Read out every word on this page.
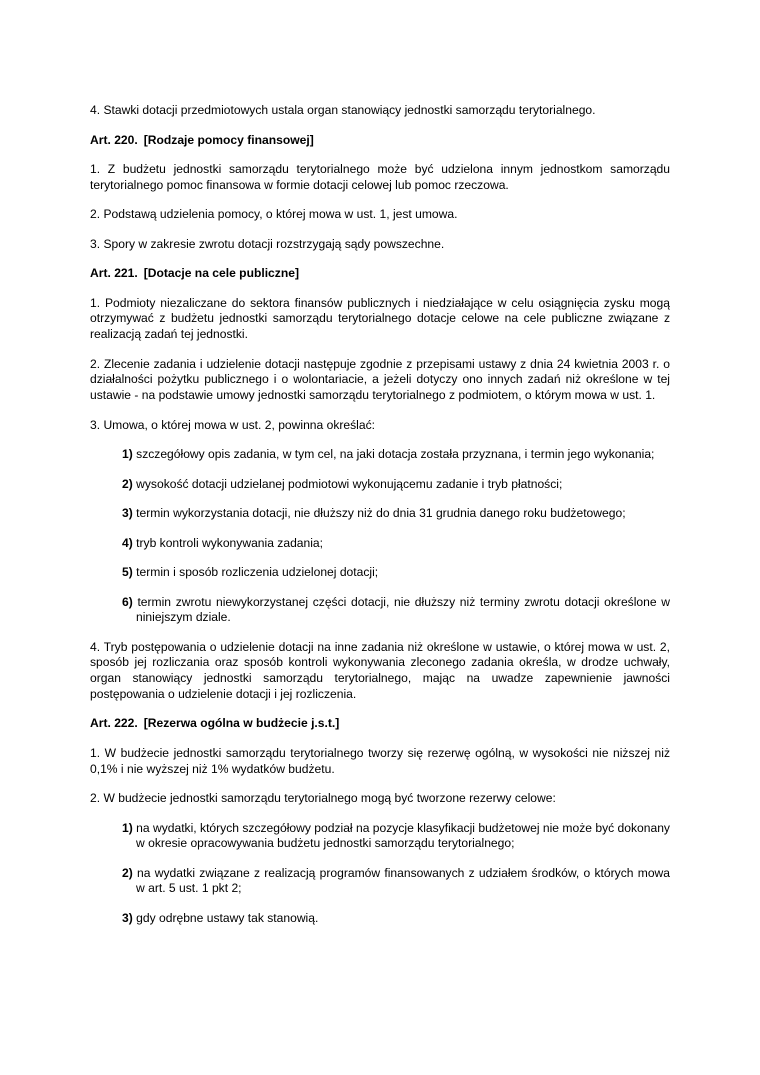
4. Stawki dotacji przedmiotowych ustala organ stanowiący jednostki samorządu terytorialnego.

Art. 220. [Rodzaje pomocy finansowej]

1. Z budżetu jednostki samorządu terytorialnego może być udzielona innym jednostkom samorządu terytorialnego pomoc finansowa w formie dotacji celowej lub pomoc rzeczowa.

2. Podstawą udzielenia pomocy, o której mowa w ust. 1, jest umowa.

3. Spory w zakresie zwrotu dotacji rozstrzygają sądy powszechne.

Art. 221. [Dotacje na cele publiczne]

1. Podmioty niezaliczane do sektora finansów publicznych i niedziałające w celu osiągnięcia zysku mogą otrzymywać z budżetu jednostki samorządu terytorialnego dotacje celowe na cele publiczne związane z realizacją zadań tej jednostki.

2. Zlecenie zadania i udzielenie dotacji następuje zgodnie z przepisami ustawy z dnia 24 kwietnia 2003 r. o działalności pożytku publicznego i o wolontariacie, a jeżeli dotyczy ono innych zadań niż określone w tej ustawie - na podstawie umowy jednostki samorządu terytorialnego z podmiotem, o którym mowa w ust. 1.

3. Umowa, o której mowa w ust. 2, powinna określać:

1) szczegółowy opis zadania, w tym cel, na jaki dotacja została przyznana, i termin jego wykonania;

2) wysokość dotacji udzielanej podmiotowi wykonującemu zadanie i tryb płatności;

3) termin wykorzystania dotacji, nie dłuższy niż do dnia 31 grudnia danego roku budżetowego;

4) tryb kontroli wykonywania zadania;

5) termin i sposób rozliczenia udzielonej dotacji;

6) termin zwrotu niewykorzystanej części dotacji, nie dłuższy niż terminy zwrotu dotacji określone w niniejszym dziale.

4. Tryb postępowania o udzielenie dotacji na inne zadania niż określone w ustawie, o której mowa w ust. 2, sposób jej rozliczania oraz sposób kontroli wykonywania zleconego zadania określa, w drodze uchwały, organ stanowiący jednostki samorządu terytorialnego, mając na uwadze zapewnienie jawności postępowania o udzielenie dotacji i jej rozliczenia.

Art. 222. [Rezerwa ogólna w budżecie j.s.t.]

1. W budżecie jednostki samorządu terytorialnego tworzy się rezerwę ogólną, w wysokości nie niższej niż 0,1% i nie wyższej niż 1% wydatków budżetu.

2. W budżecie jednostki samorządu terytorialnego mogą być tworzone rezerwy celowe:

1) na wydatki, których szczegółowy podział na pozycje klasyfikacji budżetowej nie może być dokonany w okresie opracowywania budżetu jednostki samorządu terytorialnego;

2) na wydatki związane z realizacją programów finansowanych z udziałem środków, o których mowa w art. 5 ust. 1 pkt 2;

3) gdy odrębne ustawy tak stanowią.
